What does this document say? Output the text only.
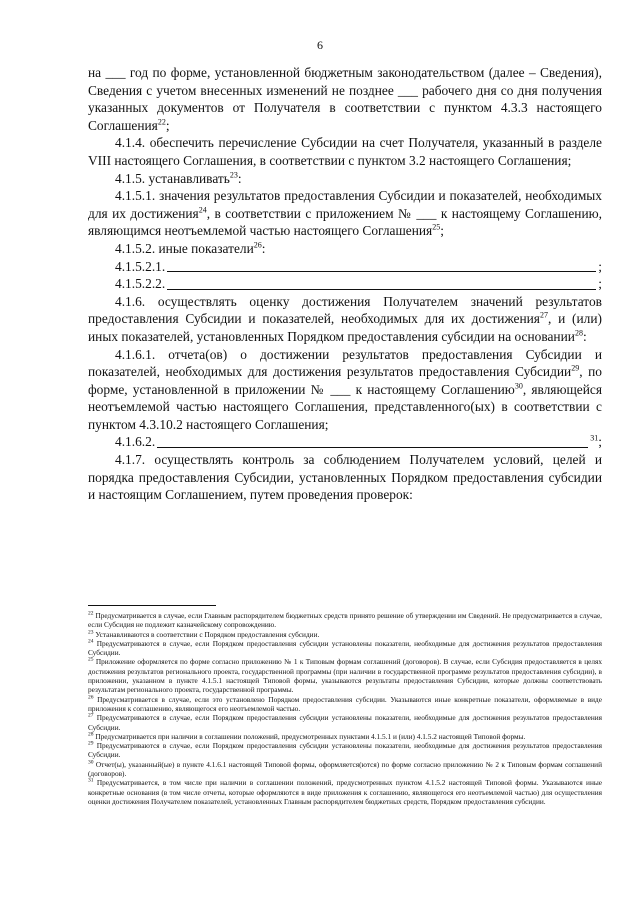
6

на ___ год по форме, установленной бюджетным законодательством (далее – Сведения), Сведения с учетом внесенных изменений не позднее ___ рабочего дня со дня получения указанных документов от Получателя в соответствии с пунктом 4.3.3 настоящего Соглашения$^{22}$;

4.1.4. обеспечить перечисление Субсидии на счет Получателя, указанный в разделе VIII настоящего Соглашения, в соответствии с пунктом 3.2 настоящего Соглашения;

4.1.5. устанавливать$^{23}$:

4.1.5.1. значения результатов предоставления Субсидии и показателей, необходимых для их достижения$^{24}$, в соответствии с приложением № ___ к настоящему Соглашению, являющимся неотъемлемой частью настоящего Соглашения$^{25}$;

4.1.5.2. иные показатели$^{26}$:

4.1.5.2.1.	;
4.1.5.2.2.	;

4.1.6. осуществлять оценку достижения Получателем значений результатов предоставления Субсидии и показателей, необходимых для их достижения$^{27}$, и (или) иных показателей, установленных Порядком предоставления субсидии на основании$^{28}$:

4.1.6.1. отчета(ов) о достижении результатов предоставления Субсидии и показателей, необходимых для достижения результатов предоставления Субсидии$^{29}$, по форме, установленной в приложении № ___ к настоящему Соглашению$^{30}$, являющейся неотъемлемой частью настоящего Соглашения, представленного(ых) в соответствии с пунктом 4.3.10.2 настоящего Соглашения;

4.1.6.2.	$^{31}$;

4.1.7. осуществлять контроль за соблюдением Получателем условий, целей и порядка предоставления Субсидии, установленных Порядком предоставления субсидии и настоящим Соглашением, путем проведения проверок:

$^{22}$ Предусматривается в случае, если Главным распорядителем бюджетных средств принято решение об утверждении им Сведений. Не предусматривается в случае, если Субсидия не подлежит казначейскому сопровождению.

$^{23}$ Устанавливаются в соответствии с Порядком предоставления субсидии.

$^{24}$ Предусматриваются в случае, если Порядком предоставления субсидии установлены показатели, необходимые для достижения результатов предоставления Субсидии.

$^{25}$ Приложение оформляется по форме согласно приложению № 1 к Типовым формам соглашений (договоров). В случае, если Субсидия предоставляется в целях достижения результатов регионального проекта, государственной программы (при наличии в государственной программе результатов предоставления субсидии), в приложении, указанном в пункте 4.1.5.1 настоящей Типовой формы, указываются результаты предоставления Субсидии, которые должны соответствовать результатам регионального проекта, государственной программы.

$^{26}$ Предусматривается в случае, если это установлено Порядком предоставления субсидии. Указываются иные конкретные показатели, оформляемые в виде приложения к соглашению, являющегося его неотъемлемой частью.

$^{27}$ Предусматриваются в случае, если Порядком предоставления субсидии установлены показатели, необходимые для достижения результатов предоставления Субсидии.

$^{28}$ Предусматривается при наличии в соглашении положений, предусмотренных пунктами 4.1.5.1 и (или) 4.1.5.2 настоящей Типовой формы.

$^{29}$ Предусматриваются в случае, если Порядком предоставления субсидии установлены показатели, необходимые для достижения результатов предоставления Субсидии.

$^{30}$ Отчет(ы), указанный(ые) в пункте 4.1.6.1 настоящей Типовой формы, оформляется(ются) по форме согласно приложению № 2 к Типовым формам соглашений (договоров).

$^{31}$ Предусматривается, в том числе при наличии в соглашении положений, предусмотренных пунктом 4.1.5.2 настоящей Типовой формы. Указываются иные конкретные основания (в том числе отчеты, которые оформляются в виде приложения к соглашению, являющегося его неотъемлемой частью) для осуществления оценки достижения Получателем показателей, установленных Главным распорядителем бюджетных средств, Порядком предоставления субсидии.
